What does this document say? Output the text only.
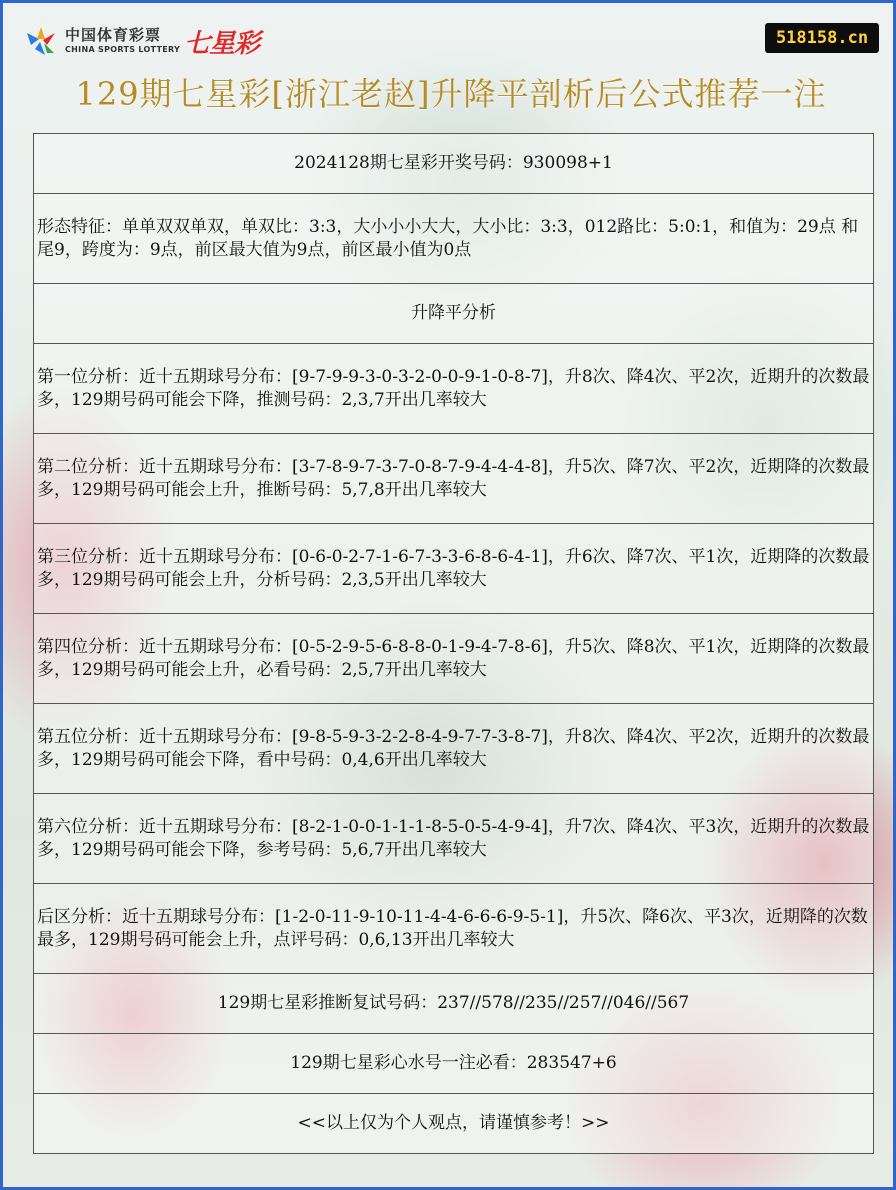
中国体育彩票
CHINA SPORTS LOTTERY 七星彩	518158.cn
129期七星彩[浙江老赵]升降平剖析后公式推荐一注
2024128期七星彩开奖号码：930098+1
形态特征：单单双双单双，单双比：3:3，大小小小大大，大小比：3:3，012路比：5:0:1，和值为：29点 和尾9，跨度为：9点，前区最大值为9点，前区最小值为0点
升降平分析
第一位分析：近十五期球号分布：[9-7-9-9-3-0-3-2-0-0-9-1-0-8-7]，升8次、降4次、平2次，近期升的次数最多，129期号码可能会下降，推测号码：2,3,7开出几率较大
第二位分析：近十五期球号分布：[3-7-8-9-7-3-7-0-8-7-9-4-4-4-8]，升5次、降7次、平2次，近期降的次数最多，129期号码可能会上升，推断号码：5,7,8开出几率较大
第三位分析：近十五期球号分布：[0-6-0-2-7-1-6-7-3-3-6-8-6-4-1]，升6次、降7次、平1次，近期降的次数最多，129期号码可能会上升，分析号码：2,3,5开出几率较大
第四位分析：近十五期球号分布：[0-5-2-9-5-6-8-8-0-1-9-4-7-8-6]，升5次、降8次、平1次，近期降的次数最多，129期号码可能会上升，必看号码：2,5,7开出几率较大
第五位分析：近十五期球号分布：[9-8-5-9-3-2-2-8-4-9-7-7-3-8-7]，升8次、降4次、平2次，近期升的次数最多，129期号码可能会下降，看中号码：0,4,6开出几率较大
第六位分析：近十五期球号分布：[8-2-1-0-0-1-1-1-8-5-0-5-4-9-4]，升7次、降4次、平3次，近期升的次数最多，129期号码可能会下降，参考号码：5,6,7开出几率较大
后区分析：近十五期球号分布：[1-2-0-11-9-10-11-4-4-6-6-6-9-5-1]，升5次、降6次、平3次，近期降的次数最多，129期号码可能会上升，点评号码：0,6,13开出几率较大
129期七星彩推断复试号码：237//578//235//257//046//567
129期七星彩心水号一注必看：283547+6
<<以上仅为个人观点，请谨慎参考！>>
